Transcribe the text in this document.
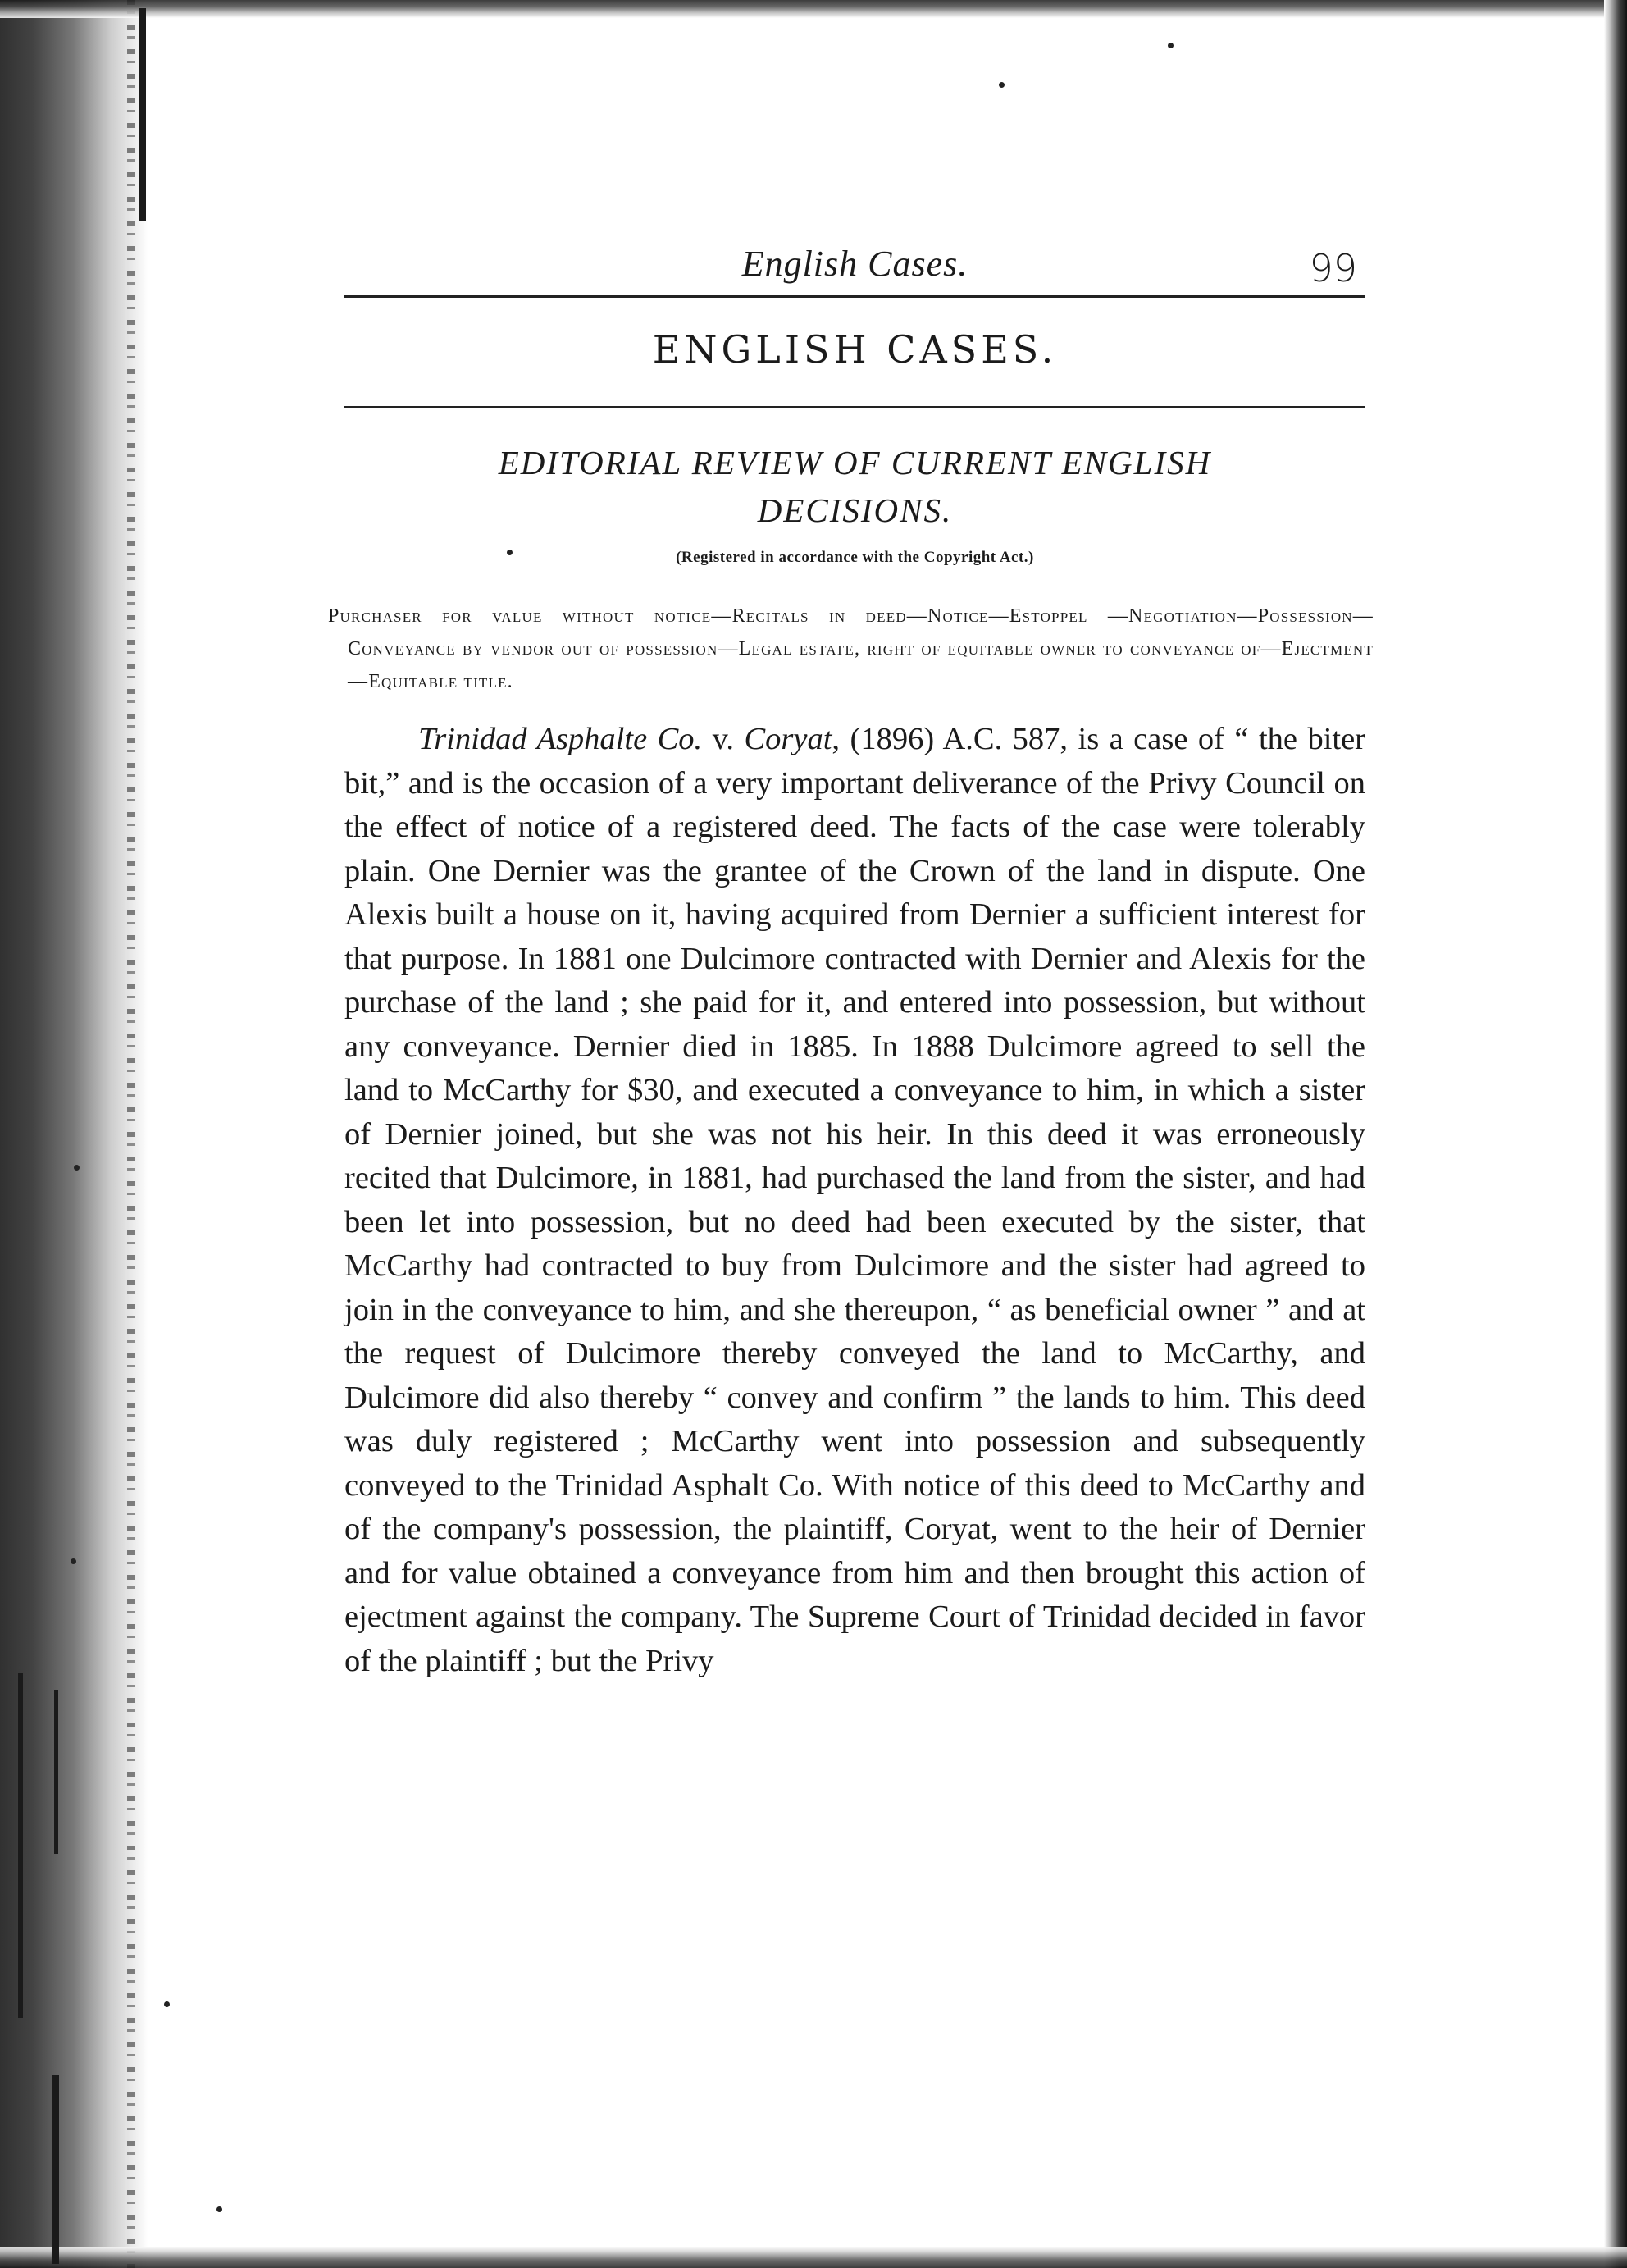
English Cases.	99
ENGLISH CASES.
EDITORIAL REVIEW OF CURRENT ENGLISH DECISIONS.
(Registered in accordance with the Copyright Act.)
Purchaser for value without notice—Recitals in deed—Notice—Estoppel —Negotiation—Possession—Conveyance by vendor out of possession—Legal estate, right of equitable owner to conveyance of—Ejectment—Equitable title.

Trinidad Asphalte Co. v. Coryat, (1896) A.C. 587, is a case of “ the biter bit,” and is the occasion of a very important deliverance of the Privy Council on the effect of notice of a registered deed. The facts of the case were tolerably plain. One Dernier was the grantee of the Crown of the land in dispute. One Alexis built a house on it, having acquired from Dernier a sufficient interest for that purpose. In 1881 one Dulcimore contracted with Dernier and Alexis for the purchase of the land ; she paid for it, and entered into possession, but without any conveyance. Dernier died in 1885. In 1888 Dulcimore agreed to sell the land to McCarthy for $30, and executed a conveyance to him, in which a sister of Dernier joined, but she was not his heir. In this deed it was erroneously recited that Dulcimore, in 1881, had purchased the land from the sister, and had been let into possession, but no deed had been executed by the sister, that McCarthy had contracted to buy from Dulcimore and the sister had agreed to join in the conveyance to him, and she thereupon, “ as beneficial owner ” and at the request of Dulcimore thereby conveyed the land to McCarthy, and Dulcimore did also thereby “ convey and confirm ” the lands to him. This deed was duly registered ; McCarthy went into possession and subsequently conveyed to the Trinidad Asphalt Co. With notice of this deed to McCarthy and of the company's possession, the plaintiff, Coryat, went to the heir of Dernier and for value obtained a conveyance from him and then brought this action of ejectment against the company. The Supreme Court of Trinidad decided in favor of the plaintiff ; but the Privy
